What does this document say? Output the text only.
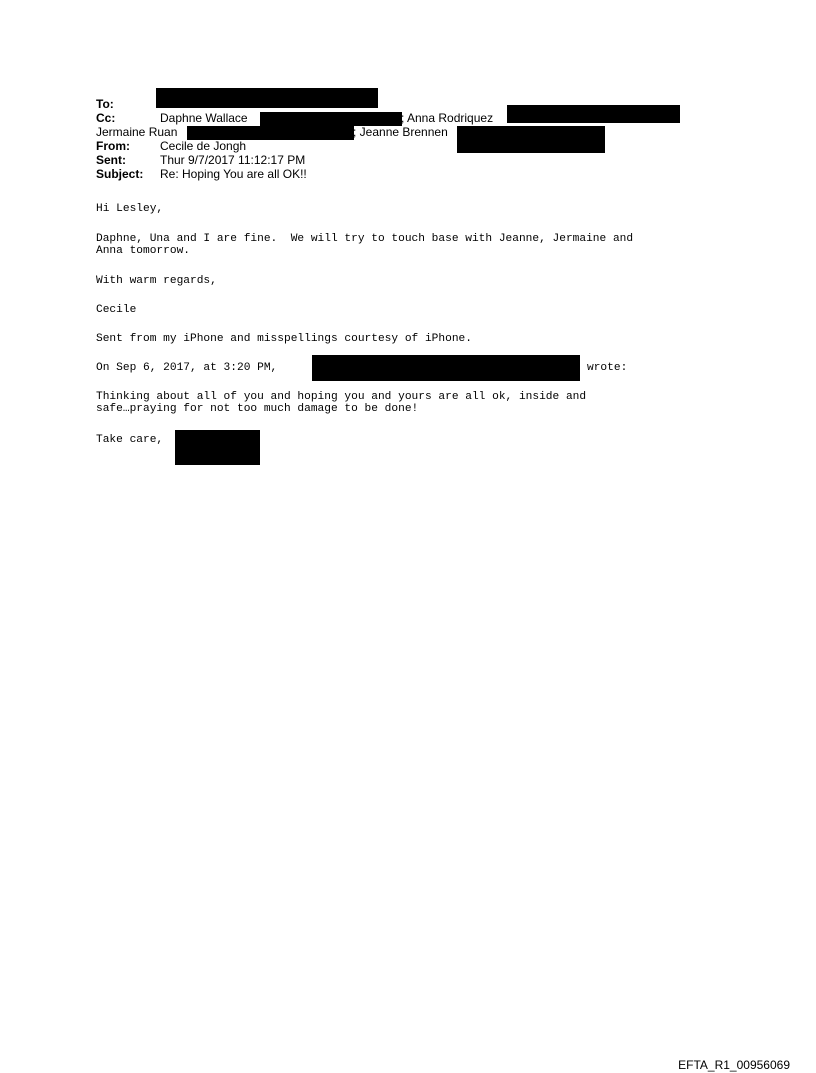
To:
Cc:	Daphne Wallace	; Anna Rodriquez
Jermaine Ruan	; Jeanne Brennen
From:	Cecile de Jongh
Sent:	Thur 9/7/2017 11:12:17 PM
Subject: Re: Hoping You are all OK!!
Hi Lesley,
Daphne, Una and I are fine.  We will try to touch base with Jeanne, Jermaine and
Anna tomorrow.
With warm regards,
Cecile
Sent from my iPhone and misspellings courtesy of iPhone.
On Sep 6, 2017, at 3:20 PM,	wrote:
Thinking about all of you and hoping you and yours are all ok, inside and
safe…praying for not too much damage to be done!
Take care,
EFTA_R1_00956069
